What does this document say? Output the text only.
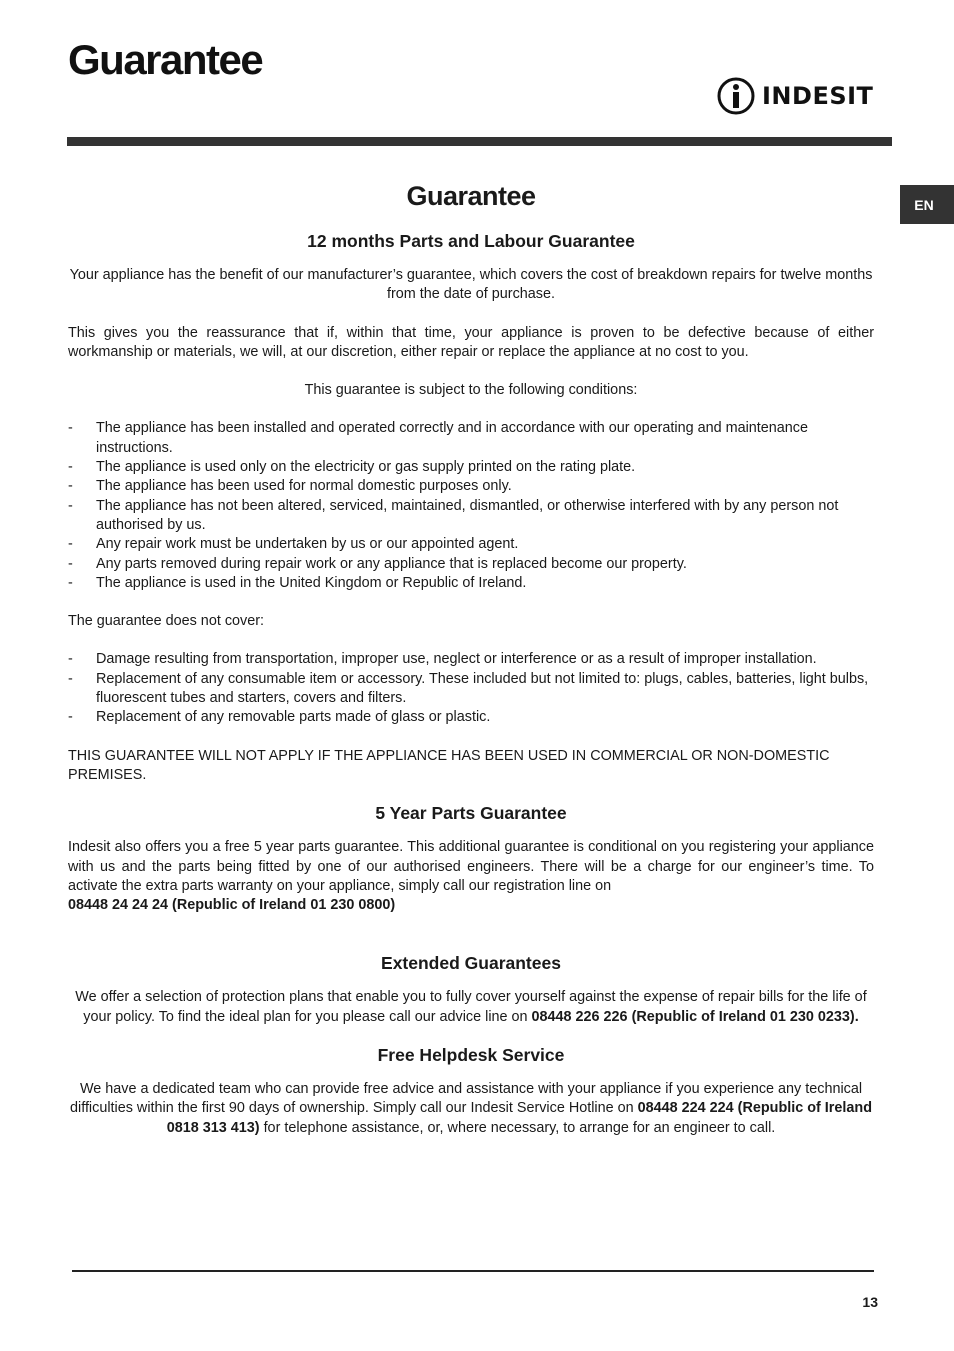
Guarantee
INDESIT
EN
Guarantee
12 months Parts and Labour Guarantee

Your appliance has the benefit of our manufacturer’s guarantee, which covers the cost of breakdown repairs for twelve months from the date of purchase.

This gives you the reassurance that if, within that time, your appliance is proven to be defective because of either workmanship or materials, we will, at our discretion, either repair or replace the appliance at no cost to you.

This guarantee is subject to the following conditions:

- The appliance has been installed and operated correctly and in accordance with our operating and maintenance instructions.
- The appliance is used only on the electricity or gas supply printed on the rating plate.
- The appliance has been used for normal domestic purposes only.
- The appliance has not been altered, serviced, maintained, dismantled, or otherwise interfered with by any person not authorised by us.
- Any repair work must be undertaken by us or our appointed agent.
- Any parts removed during repair work or any appliance that is replaced become our property.
- The appliance is used in the United Kingdom or Republic of Ireland.

The guarantee does not cover:

- Damage resulting from transportation, improper use, neglect or interference or as a result of improper installation.
- Replacement of any consumable item or accessory. These included but not limited to: plugs, cables, batteries, light bulbs, fluorescent tubes and starters, covers and filters.
- Replacement of any removable parts made of glass or plastic.

THIS GUARANTEE WILL NOT APPLY IF THE APPLIANCE HAS BEEN USED IN COMMERCIAL OR NON-DOMESTIC PREMISES.

5 Year Parts Guarantee

Indesit also offers you a free 5 year parts guarantee. This additional guarantee is conditional on you registering your appliance with us and the parts being fitted by one of our authorised engineers. There will be a charge for our engineer’s time. To activate the extra parts warranty on your appliance, simply call our registration line on
08448 24 24 24 (Republic of Ireland 01 230 0800)

Extended Guarantees

We offer a selection of protection plans that enable you to fully cover yourself against the expense of repair bills for the life of your policy. To find the ideal plan for you please call our advice line on 08448 226 226 (Republic of Ireland 01 230 0233).

Free Helpdesk Service

We have a dedicated team who can provide free advice and assistance with your appliance if you experience any technical difficulties within the first 90 days of ownership. Simply call our Indesit Service Hotline on 08448 224 224 (Republic of Ireland 0818 313 413) for telephone assistance, or, where necessary, to arrange for an engineer to call.

13
